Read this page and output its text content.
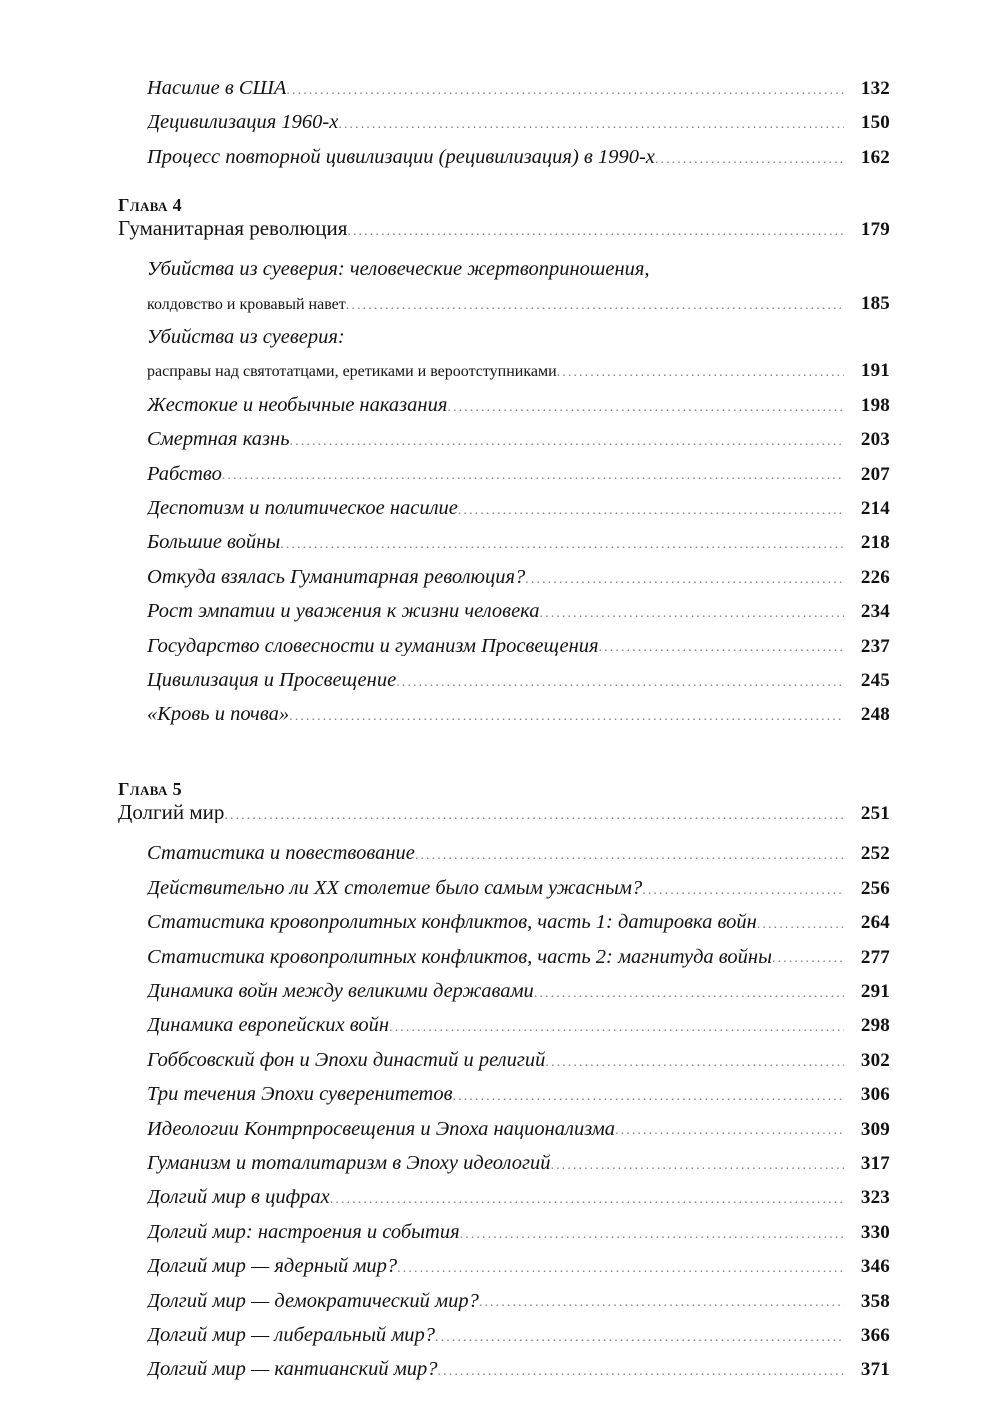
Насилие в США .....	132
Децивилизация 1960-х .....	150
Процесс повторной цивилизации (рецивилизация) в 1990-х .....	162
Глава 4
Гуманитарная революция .....	179
Убийства из суеверия: человеческие жертвоприношения,
колдовство и кровавый навет .....	185
Убийства из суеверия:
расправы над святотатцами, еретиками и вероотступниками .....	191
Жестокие и необычные наказания .....	198
Смертная казнь .....	203
Рабство .....	207
Деспотизм и политическое насилие .....	214
Большие войны .....	218
Откуда взялась Гуманитарная революция? .....	226
Рост эмпатии и уважения к жизни человека .....	234
Государство словесности и гуманизм Просвещения .....	237
Цивилизация и Просвещение .....	245
«Кровь и почва» .....	248
Глава 5
Долгий мир .....	251
Статистика и повествование .....	252
Действительно ли XX столетие было самым ужасным? .....	256
Статистика кровопролитных конфликтов, часть 1: датировка войн .....	264
Статистика кровопролитных конфликтов, часть 2: магнитуда войны .....	277
Динамика войн между великими державами .....	291
Динамика европейских войн .....	298
Гоббсовский фон и Эпохи династий и религий .....	302
Три течения Эпохи суверенитетов .....	306
Идеологии Контрпросвещения и Эпоха национализма .....	309
Гуманизм и тоталитаризм в Эпоху идеологий .....	317
Долгий мир в цифрах .....	323
Долгий мир: настроения и события .....	330
Долгий мир — ядерный мир? .....	346
Долгий мир — демократический мир? .....	358
Долгий мир — либеральный мир? .....	366
Долгий мир — кантианский мир? .....	371
